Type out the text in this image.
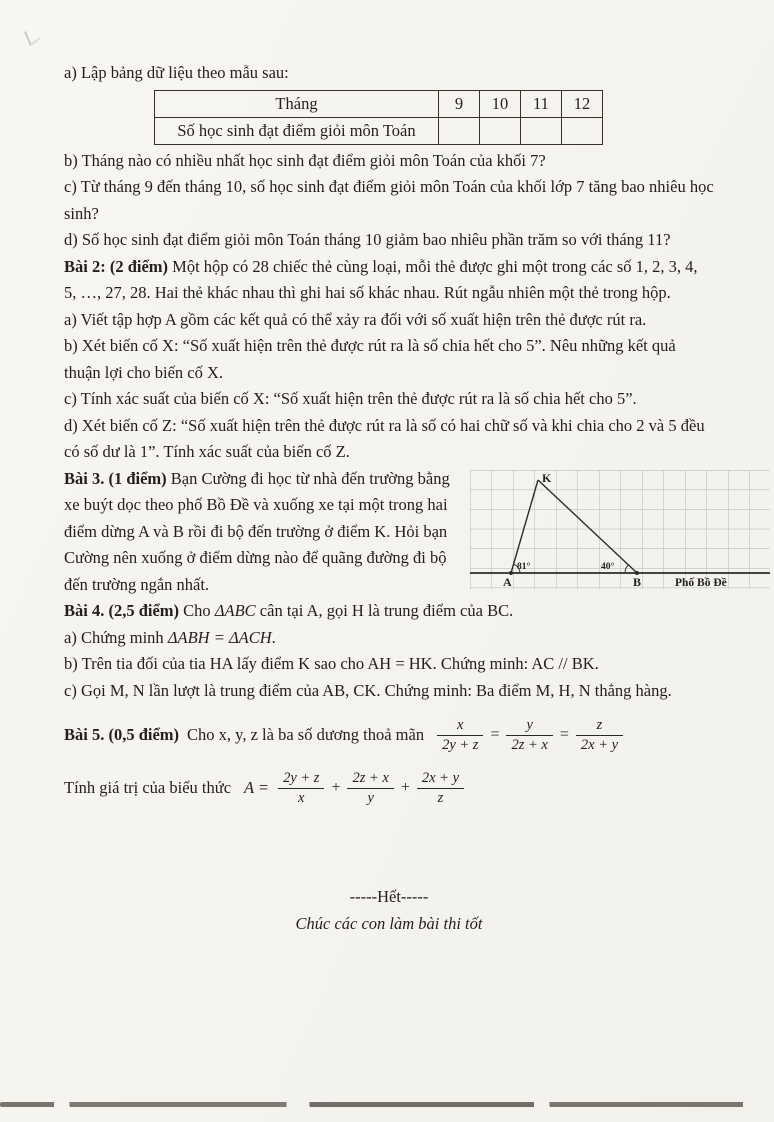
a) Lập bảng dữ liệu theo mẫu sau:

Tháng	9	10	11	12
Số học sinh đạt điểm giỏi môn Toán				

b) Tháng nào có nhiều nhất học sinh đạt điểm giỏi môn Toán của khối 7?

c) Từ tháng 9 đến tháng 10, số học sinh đạt điểm giỏi môn Toán của khối lớp 7 tăng bao nhiêu học sinh?

d) Số học sinh đạt điểm giỏi môn Toán tháng 10 giảm bao nhiêu phần trăm so với tháng 11?

Bài 2: (2 điểm) Một hộp có 28 chiếc thẻ cùng loại, mỗi thẻ được ghi một trong các số 1, 2, 3, 4, 5, …, 27, 28. Hai thẻ khác nhau thì ghi hai số khác nhau. Rút ngẫu nhiên một thẻ trong hộp.

a) Viết tập hợp A gồm các kết quả có thể xảy ra đối với số xuất hiện trên thẻ được rút ra.

b) Xét biến cố X: “Số xuất hiện trên thẻ được rút ra là số chia hết cho 5”. Nêu những kết quả thuận lợi cho biến cố X.

c) Tính xác suất của biến cố X: “Số xuất hiện trên thẻ được rút ra là số chia hết cho 5”.

d) Xét biến cố Z: “Số xuất hiện trên thẻ được rút ra là số có hai chữ số và khi chia cho 2 và 5 đều có số dư là 1”. Tính xác suất của biến cố Z.

K
A	B
81°	40°
Phố Bồ Đề

Bài 3. (1 điểm) Bạn Cường đi học từ nhà đến trường bằng xe buýt dọc theo phố Bồ Đề và xuống xe tại một trong hai điểm dừng A và B rồi đi bộ đến trường ở điểm K. Hỏi bạn Cường nên xuống ở điểm dừng nào để quãng đường đi bộ đến trường ngắn nhất.

Bài 4. (2,5 điểm) Cho ΔABC cân tại A, gọi H là trung điểm của BC.

a) Chứng minh ΔABH = ΔACH.

b) Trên tia đối của tia HA lấy điểm K sao cho AH = HK. Chứng minh: AC // BK.

c) Gọi M, N lần lượt là trung điểm của AB, CK. Chứng minh: Ba điểm M, H, N thẳng hàng.

Bài 5. (0,5 điểm) Cho x, y, z là ba số dương thoả mãn $\frac{x}{2y + z} = \frac{y}{2z + x} = \frac{z}{2x + y}$
Tính giá trị của biểu thức $A = \frac{2y + z}{x} + \frac{2z + x}{y} + \frac{2x + y}{z}$

-----Hết-----

Chúc các con làm bài thi tốt
